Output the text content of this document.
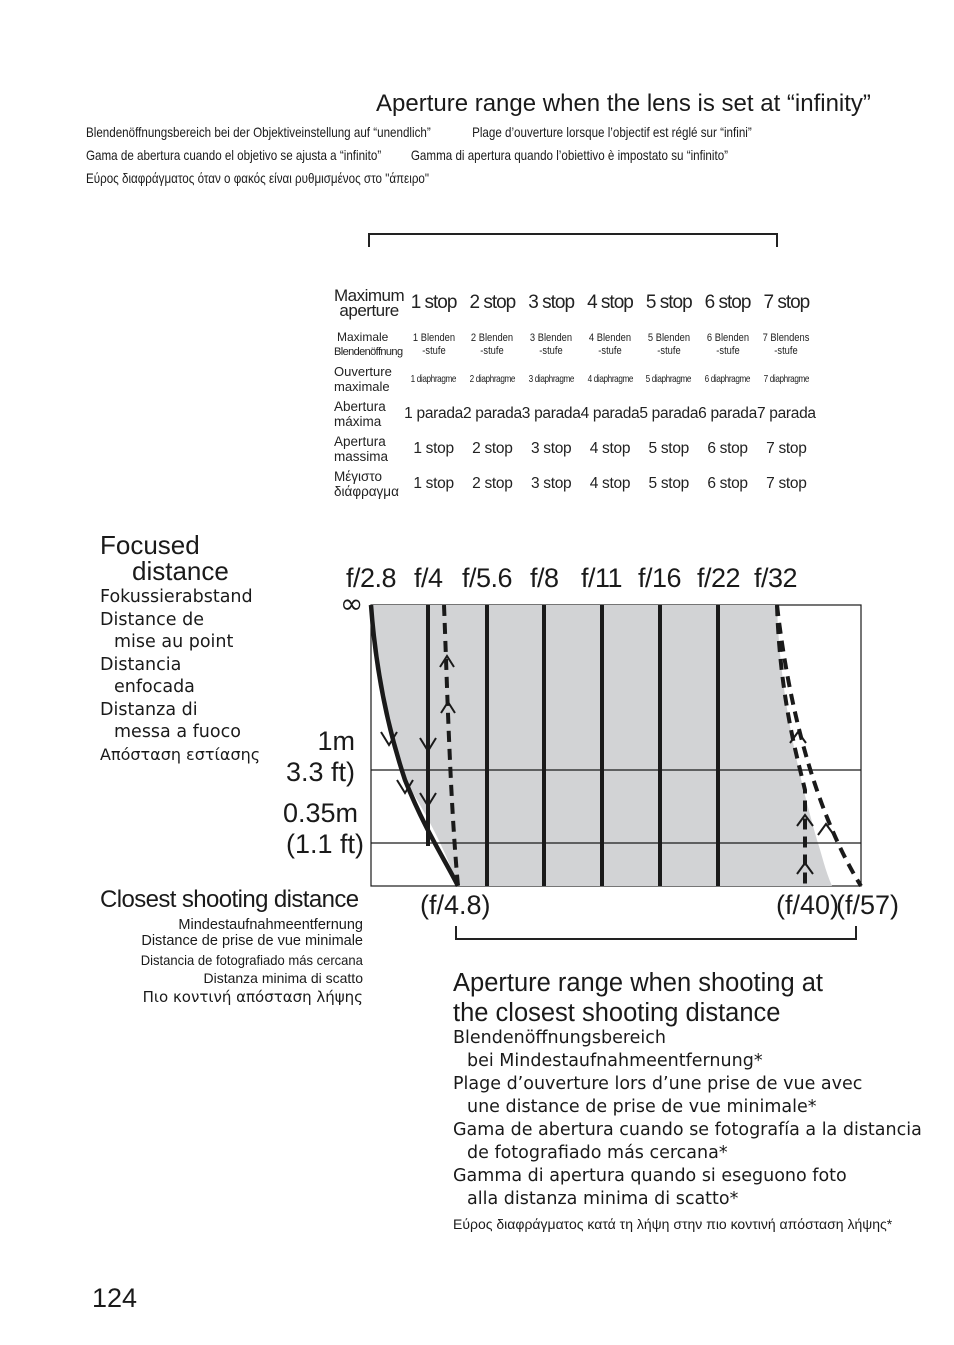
Aperture range when the lens is set at “infinity”
Blendenöffnungsbereich bei der Objektiveinstellung auf “unendlich”	Plage d’ouverture lorsque l’objectif est réglé sur “infini”
Gama de abertura cuando el objetivo se ajusta a “infinito” Gamma di apertura quando l’obiettivo è impostato su “infinito”
Εύρος διαφράγματος όταν ο φακός είναι ρυθμισμένος στο "άπειρο"
Maximum
aperture	1 stop	2 stop	3 stop	4 stop	5 stop	6 stop	7 stop

Maximale
Blendenöffnung	1 Blenden -stufe	2 Blenden -stufe	3 Blenden -stufe	4 Blenden -stufe	5 Blenden -stufe	6 Blenden -stufe	7 Blendens -stufe

Ouverture
maximale	1 diaphragme	2 diaphragme	3 diaphragme	4 diaphragme	5 diaphragme	6 diaphragme	7 diaphragme

Abertura
máxima	1 parada	2 parada	3 parada	4 parada	5 parada	6 parada	7 parada

Apertura
massima	1 stop	2 stop	3 stop	4 stop	5 stop	6 stop	7 stop

Μέγιστο
διάφραγμα	1 stop	2 stop	3 stop	4 stop	5 stop	6 stop	7 stop
Focused
distance
Fokussierabstand
Distance de
mise au point
Distancia
enfocada
Distanza di
messa a fuoco
Απόσταση εστίασης
f/2.8 f/4 f/5.6 f/8 f/11 f/16 f/22 f/32
∞
1m
3.3 ft)
0.35m
(1.1 ft)
Closest shooting distance
Mindestaufnahmeentfernung
Distance de prise de vue minimale
Distancia de fotografiado más cercana
Distanza minima di scatto
Πιο κοντινή απόσταση λήψης
(f/4.8)	(f/40)
(f/57)
Aperture range when shooting at
the closest shooting distance
Blendenöffnungsbereich
bei Mindestaufnahmeentfernung*
Plage d’ouverture lors d’une prise de vue avec
une distance de prise de vue minimale*
Gama de abertura cuando se fotografía a la distancia
de fotografiado más cercana*
Gamma di apertura quando si eseguono foto
alla distanza minima di scatto*
Εύρος διαφράγματος κατά τη λήψη στην πιο κοντινή απόσταση λήψης*
124
